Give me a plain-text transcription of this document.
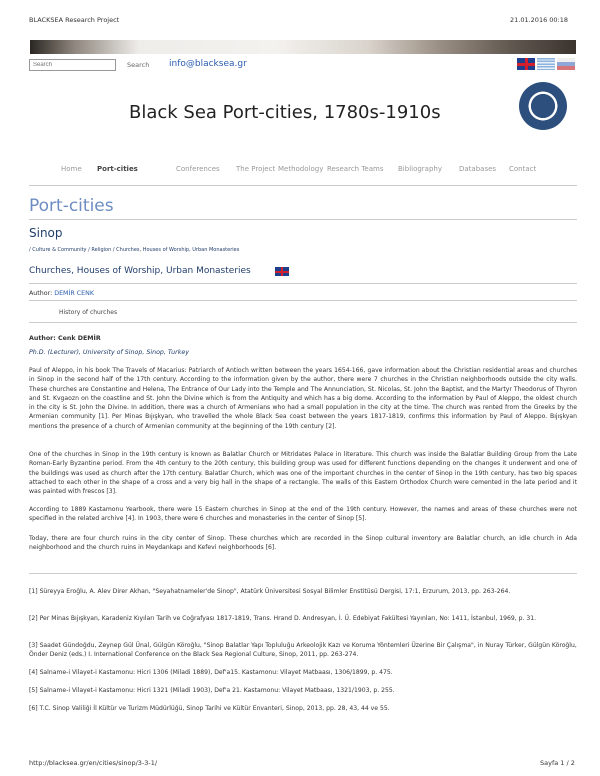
BLACKSEA Research Project	21.01.2016 00:18
Search
Search info@blacksea.gr
Black Sea Port-cities, 1780s-1910s
Home Port-cities	Conferences The Project Methodology Research Teams Bibliography Databases Contact
Port-cities
Sinop
/ Culture & Community / Religion / Churches, Houses of Worship, Urban Monasteries
Churches, Houses of Worship, Urban Monasteries
Author: DEMİR CENK
History of churches
Author: Cenk DEMİR
Ph.D. (Lecturer), University of Sinop, Sinop, Turkey
Paul of Aleppo, in his book The Travels of Macarius: Patriarch of Antioch written between the years 1654-166, gave information about the Christian residential areas and churches in Sinop in the second half of the 17th century. According to the information given by the author, there were 7 churches in the Christian neighborhoods outside the city walls. These churches are Constantine and Helena, The Entrance of Our Lady into the Temple and The Annunciation, St. Nicolas, St. John the Baptist, and the Martyr Theodorus of Thyron and St. Kvgaozn on the coastline and St. John the Divine which is from the Antiquity and which has a big dome. According to the information by Paul of Aleppo, the oldest church in the city is St. John the Divine. In addition, there was a church of Armenians who had a small population in the city at the time. The church was rented from the Greeks by the Armenian community [1]. Per Minas Bıjışkyan, who travelled the whole Black Sea coast between the years 1817-1819, confirms this information by Paul of Aleppo. Bıjışkyan mentions the presence of a church of Armenian community at the beginning of the 19th century [2].
One of the churches in Sinop in the 19th century is known as Balatlar Church or Mitridates Palace in literature. This church was inside the Balatlar Building Group from the Late Roman-Early Byzantine period. From the 4th century to the 20th century, this building group was used for different functions depending on the changes it underwent and one of the buildings was used as church after the 17th century. Balatlar Church, which was one of the important churches in the center of Sinop in the 19th century, has two big spaces attached to each other in the shape of a cross and a very big hall in the shape of a rectangle. The walls of this Eastern Orthodox Church were cemented in the late period and it was painted with frescos [3].
According to 1889 Kastamonu Yearbook, there were 15 Eastern churches in Sinop at the end of the 19th century. However, the names and areas of these churches were not specified in the related archive [4]. In 1903, there were 6 churches and monasteries in the center of Sinop [5].
Today, there are four church ruins in the city center of Sinop. These churches which are recorded in the Sinop cultural inventory are Balatlar church, an idle church in Ada neighborhood and the church ruins in Meydankapı and Kefevi neighborhoods [6].
[1] Süreyya Eroğlu, A. Alev Direr Akhan, "Seyahatnameler'de Sinop", Atatürk Üniversitesi Sosyal Bilimler Enstitüsü Dergisi, 17:1, Erzurum, 2013, pp. 263-264.
[2] Per Minas Bıjışkyan, Karadeniz Kıyıları Tarih ve Coğrafyası 1817-1819, Trans. Hrand D. Andresyan, İ. Ü. Edebiyat Fakültesi Yayınları, No: 1411, İstanbul, 1969, p. 31.
[3] Saadet Gündoğdu, Zeynep Gül Ünal, Gülgün Köroğlu, "Sinop Balatlar Yapı Topluluğu Arkeolojik Kazı ve Koruma Yöntemleri Üzerine Bir Çalışma", in Nuray Türker, Gülgün Köroğlu, Önder Deniz (eds.) I. International Conference on the Black Sea Regional Culture, Sinop, 2011, pp. 263-274.
[4] Salname-i Vilayet-i Kastamonu: Hicri 1306 (Miladi 1889), Def'a15. Kastamonu: Vilayet Matbaası, 1306/1899, p. 475.
[5] Salname-i Vilayet-i Kastamonu: Hicri 1321 (Miladi 1903), Def'a 21. Kastamonu: Vilayet Matbaası, 1321/1903, p. 255.
[6] T.C. Sinop Valiliği İl Kültür ve Turizm Müdürlüğü, Sinop Tarihi ve Kültür Envanteri, Sinop, 2013, pp. 28, 43, 44 ve 55.
http://blacksea.gr/en/cities/sinop/3-3-1/	Sayfa 1 / 2
